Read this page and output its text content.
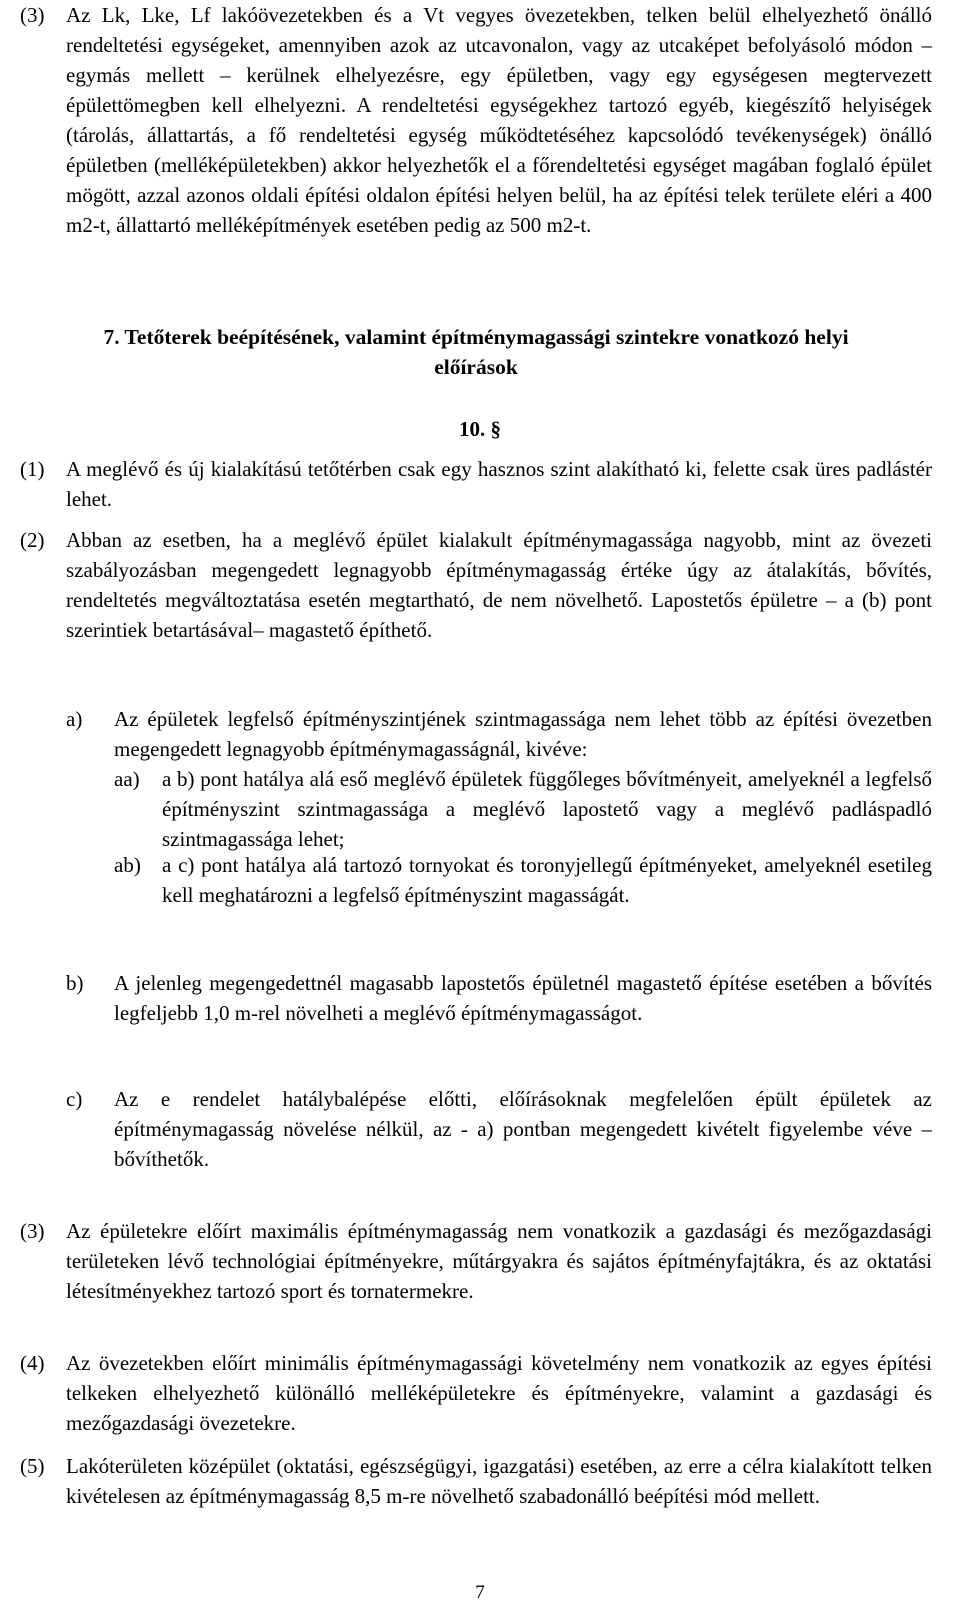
(3)	Az Lk, Lke, Lf lakóövezetekben és a Vt vegyes övezetekben, telken belül elhelyezhető önálló rendeltetési egységeket, amennyiben azok az utcavonalon, vagy az utcaképet befolyásoló módon – egymás mellett – kerülnek elhelyezésre, egy épületben, vagy egy egységesen megtervezett épülettömegben kell elhelyezni. A rendeltetési egységekhez tartozó egyéb, kiegészítő helyiségek (tárolás, állattartás, a fő rendeltetési egység működtetéséhez kapcsolódó tevékenységek) önálló épületben (melléképületekben) akkor helyezhetők el a főrendeltetési egységet magában foglaló épület mögött, azzal azonos oldali építési oldalon építési helyen belül, ha az építési telek területe eléri a 400 m2-t, állattartó melléképítmények esetében pedig az 500 m2-t.
7. Tetőterek beépítésének, valamint építménymagassági szintekre vonatkozó helyi
előírások
10. §
(1)	A meglévő és új kialakítású tetőtérben csak egy hasznos szint alakítható ki, felette csak üres padlástér lehet.
(2)	Abban az esetben, ha a meglévő épület kialakult építménymagassága nagyobb, mint az övezeti szabályozásban megengedett legnagyobb építménymagasság értéke úgy az átalakítás, bővítés, rendeltetés megváltoztatása esetén megtartható, de nem növelhető. Lapostetős épületre – a (b) pont szerintiek betartásával– magastető építhető.
a)	Az épületek legfelső építményszintjének szintmagassága nem lehet több az építési övezetben megengedett legnagyobb építménymagasságnál, kivéve:
aa)	a b) pont hatálya alá eső meglévő épületek függőleges bővítményeit, amelyeknél a legfelső építményszint szintmagassága a meglévő lapostető vagy a meglévő padláspadló szintmagassága lehet;
ab)	a c) pont hatálya alá tartozó tornyokat és toronyjellegű építményeket, amelyeknél esetileg kell meghatározni a legfelső építményszint magasságát.
b)	A jelenleg megengedettnél magasabb lapostetős épületnél magastető építése esetében a bővítés legfeljebb 1,0 m-rel növelheti a meglévő építménymagasságot.
c)	Az e rendelet hatálybalépése előtti, előírásoknak megfelelően épült épületek az építménymagasság növelése nélkül, az - a) pontban megengedett kivételt figyelembe véve – bővíthetők.
(3)	Az épületekre előírt maximális építménymagasság nem vonatkozik a gazdasági és mezőgazdasági területeken lévő technológiai építményekre, műtárgyakra és sajátos építményfajtákra, és az oktatási létesítményekhez tartozó sport és tornatermekre.
(4)	Az övezetekben előírt minimális építménymagassági követelmény nem vonatkozik az egyes építési telkeken elhelyezhető különálló melléképületekre és építményekre, valamint a gazdasági és mezőgazdasági övezetekre.
(5)	Lakóterületen középület (oktatási, egészségügyi, igazgatási) esetében, az erre a célra kialakított telken kivételesen az építménymagasság 8,5 m-re növelhető szabadonálló beépítési mód mellett.
7
